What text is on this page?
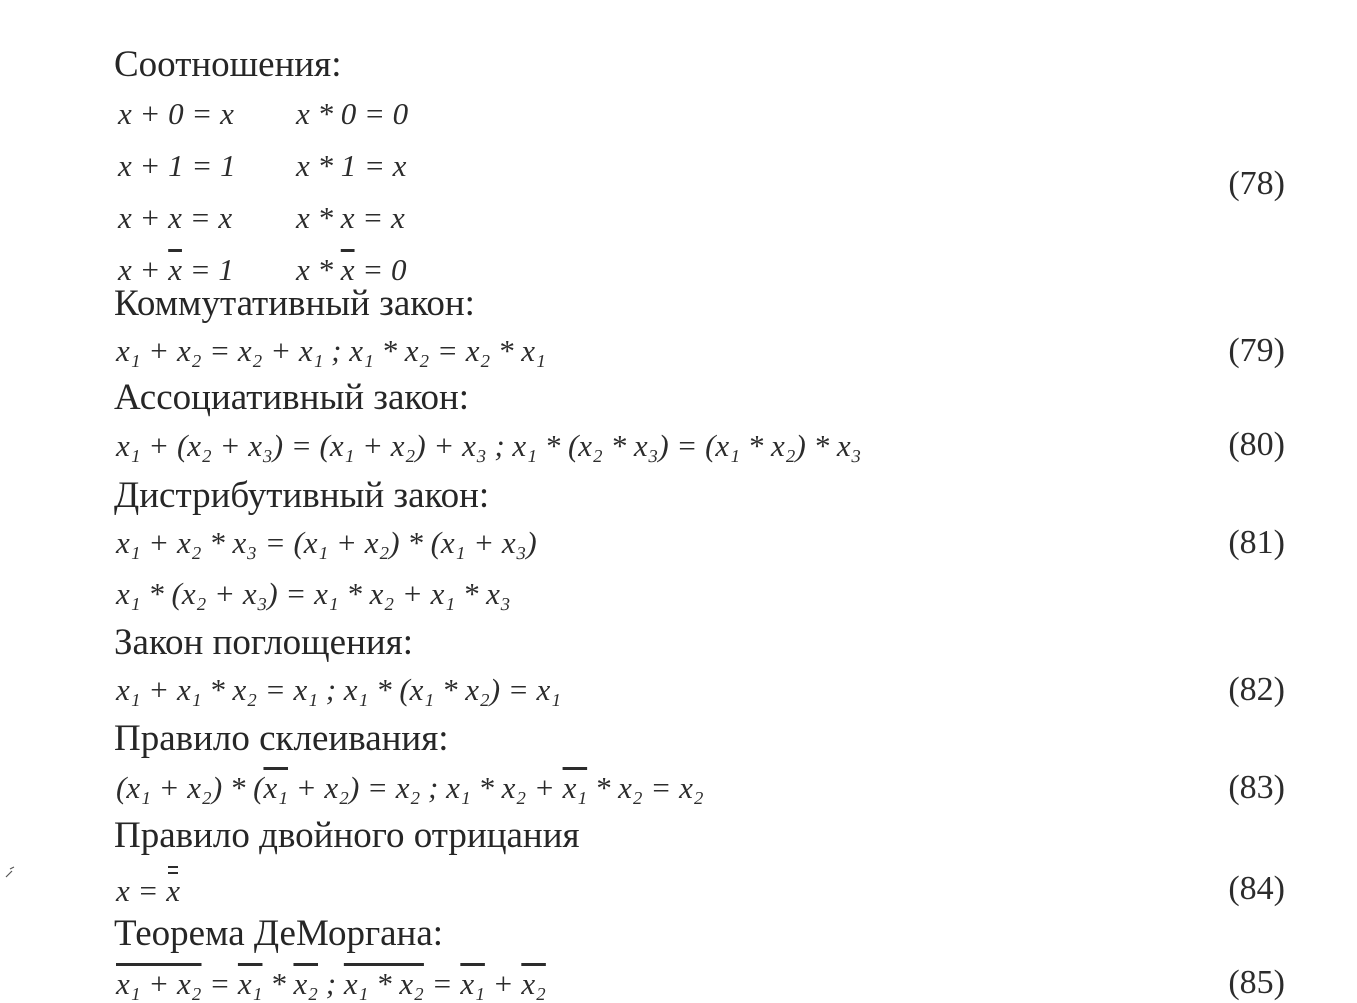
Соотношения:
x + 0 = x	x * 0 = 0
x + 1 = 1	x * 1 = x
x + x = x	x * x = x
$x + \overline{x} = 1$	$x * \overline{x} = 0$
(78)
Коммутативный закон:
x₁ + x₂ = x₂ + x₁ ; x₁ * x₂ = x₂ * x₁	(79)
Ассоциативный закон:
x₁ + (x₂ + x₃) = (x₁ + x₂) + x₃ ; x₁ * (x₂ * x₃) = (x₁ * x₂) * x₃	(80)
Дистрибутивный закон:
x₁ + x₂ * x₃ = (x₁ + x₂) * (x₁ + x₃)	(81)
x₁ * (x₂ + x₃) = x₁ * x₂ + x₁ * x₃
Закон поглощения:
x₁ + x₁ * x₂ = x₁ ; x₁ * (x₁ * x₂) = x₁	(82)
Правило склеивания:
(x₁ + x₂) * (x₁ + x₂) = x₂ ; x₁ * x₂ + x₁ * x₂ = x₂	(83)
Правило двойного отрицания
x = x	(84)
Теорема ДеМоргана:
x₁ + x₂ = x₁ * x₂ ; x₁ * x₂ = x₁ + x₂	(85)
